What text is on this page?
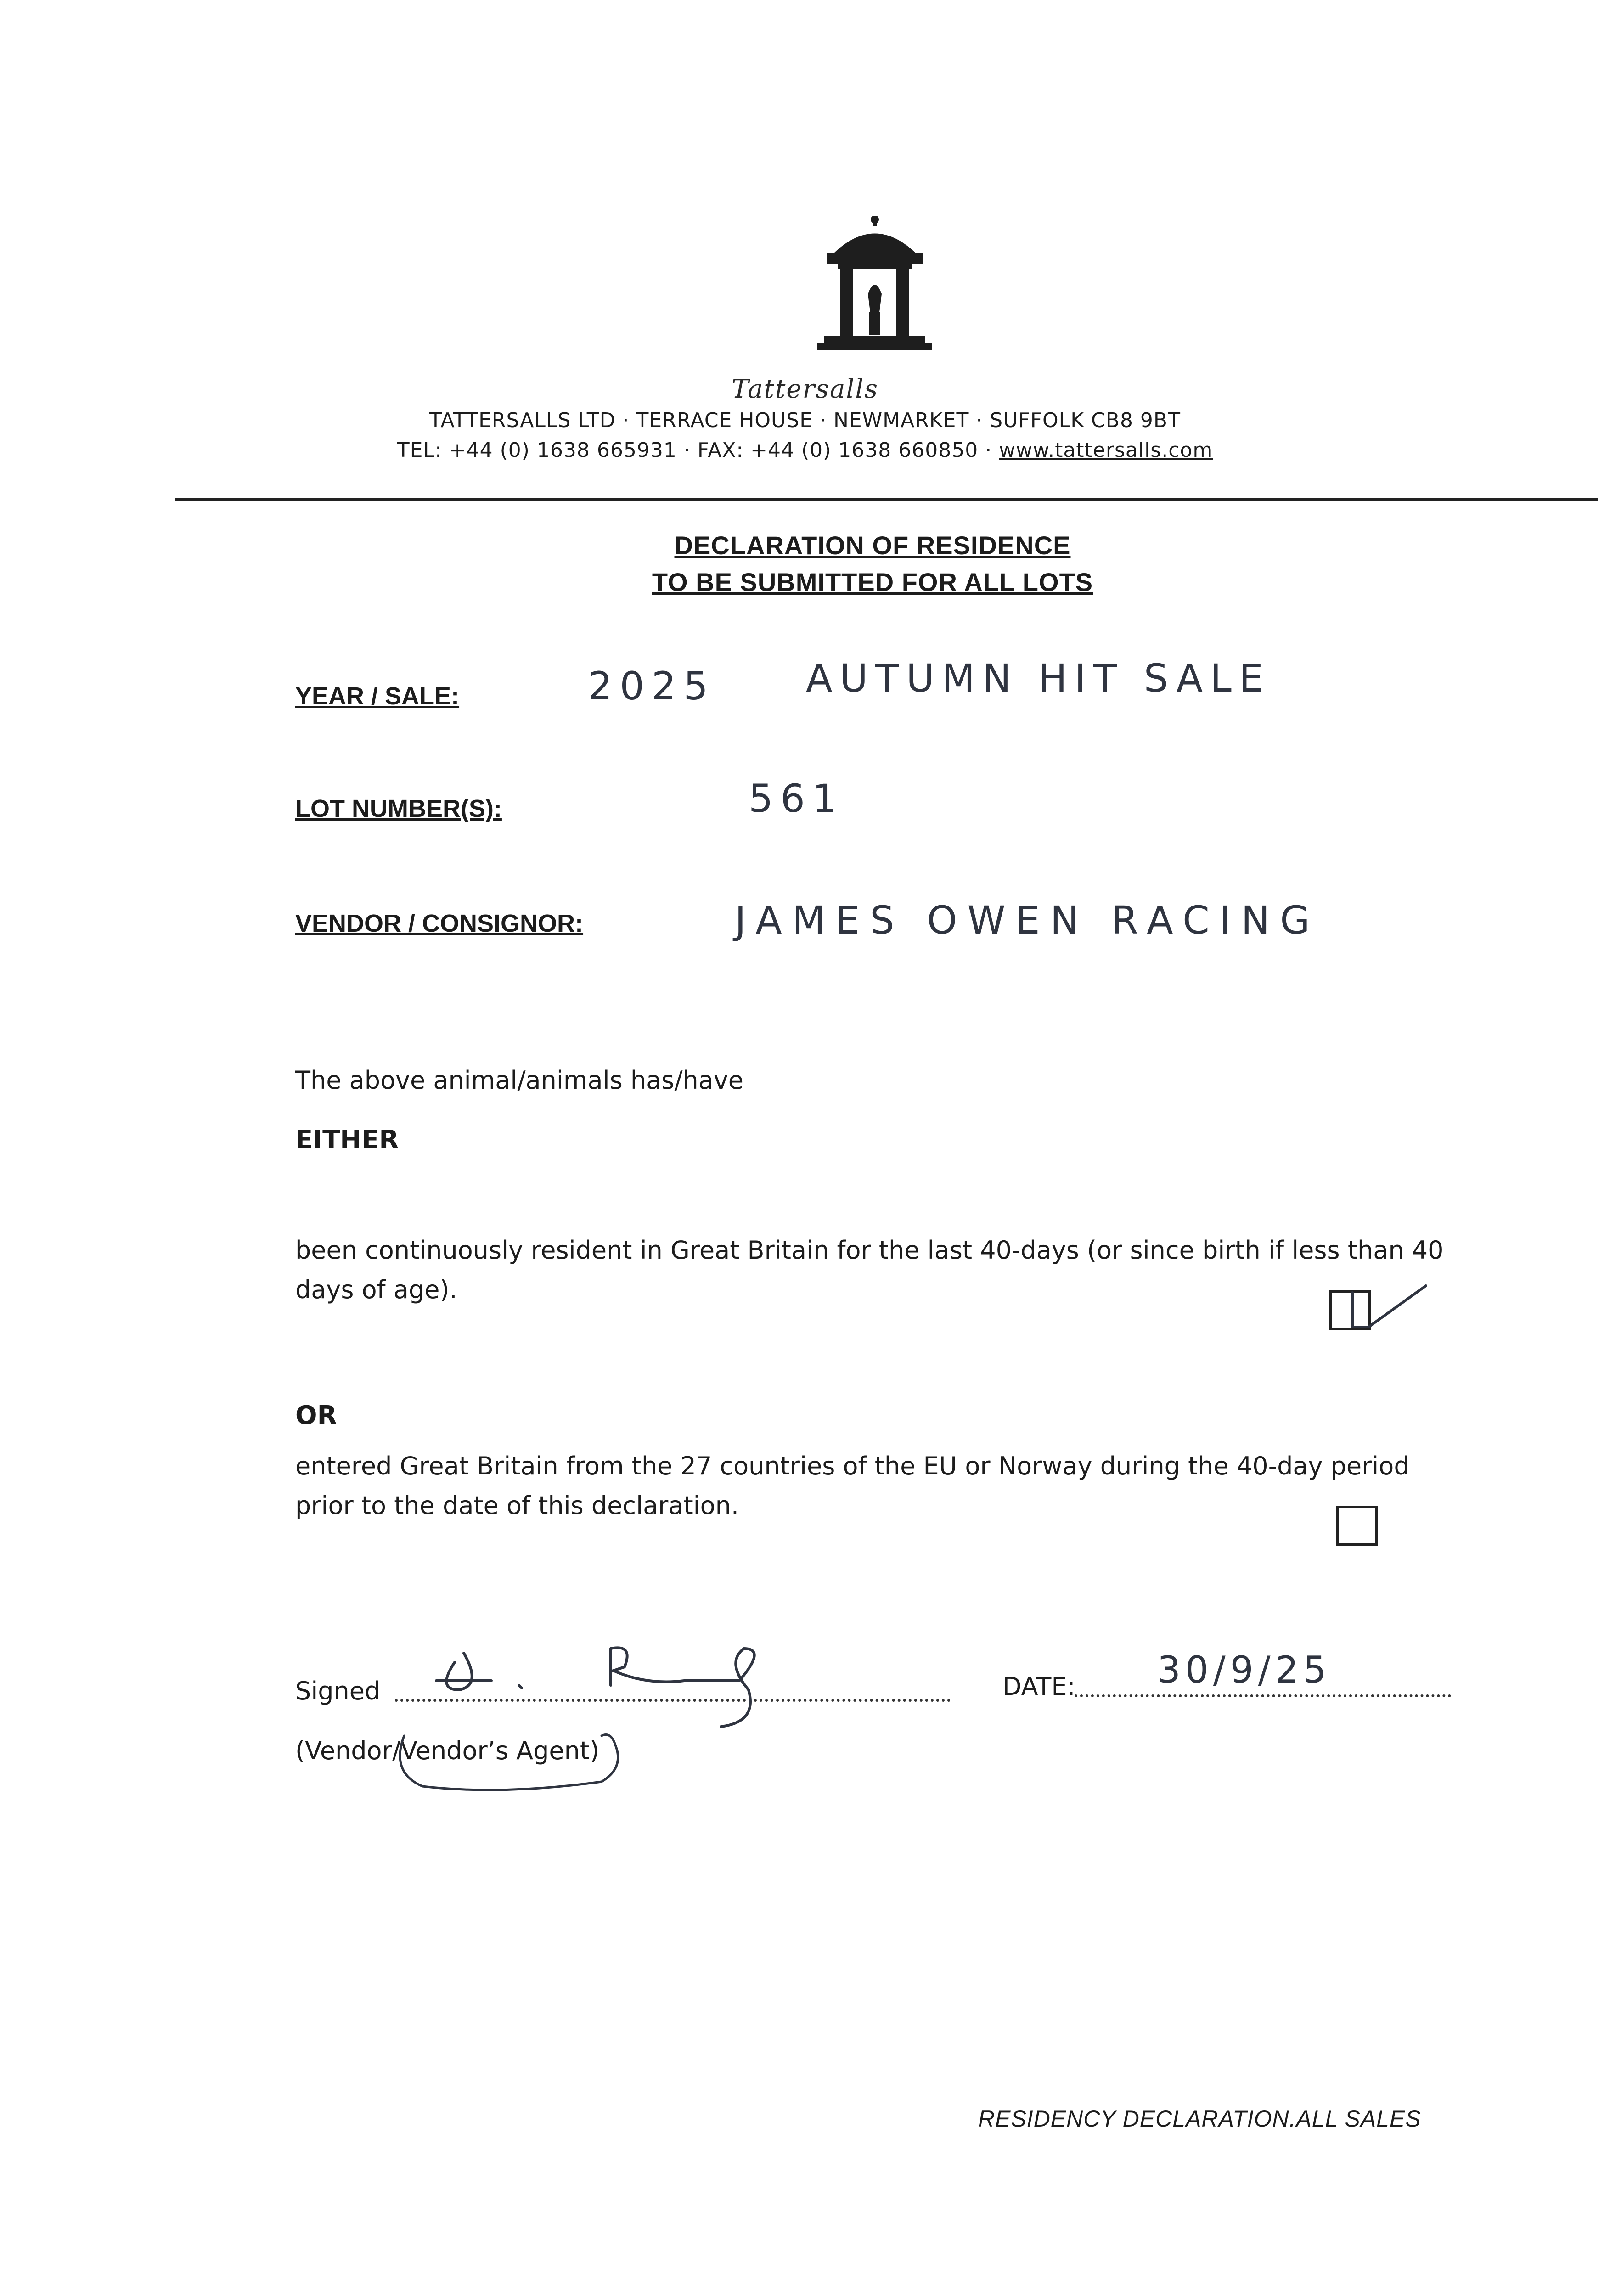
Tattersalls
TATTERSALLS LTD · TERRACE HOUSE · NEWMARKET · SUFFOLK CB8 9BT
TEL: +44 (0) 1638 665931 · FAX: +44 (0) 1638 660850 · www.tattersalls.com
DECLARATION OF RESIDENCE
TO BE SUBMITTED FOR ALL LOTS
YEAR / SALE:	2025 AUTUMN HIT SALE
LOT NUMBER(S):	561
VENDOR / CONSIGNOR:	JAMES OWEN RACING
The above animal/animals has/have
EITHER
been continuously resident in Great Britain for the last 40-days (or since birth if less than 40 days of age).
OR
entered Great Britain from the 27 countries of the EU or Norway during the 40-day period prior to the date of this declaration.
Signed	DATE: 30/9/25
(Vendor/Vendor’s Agent)
RESIDENCY DECLARATION.ALL SALES
